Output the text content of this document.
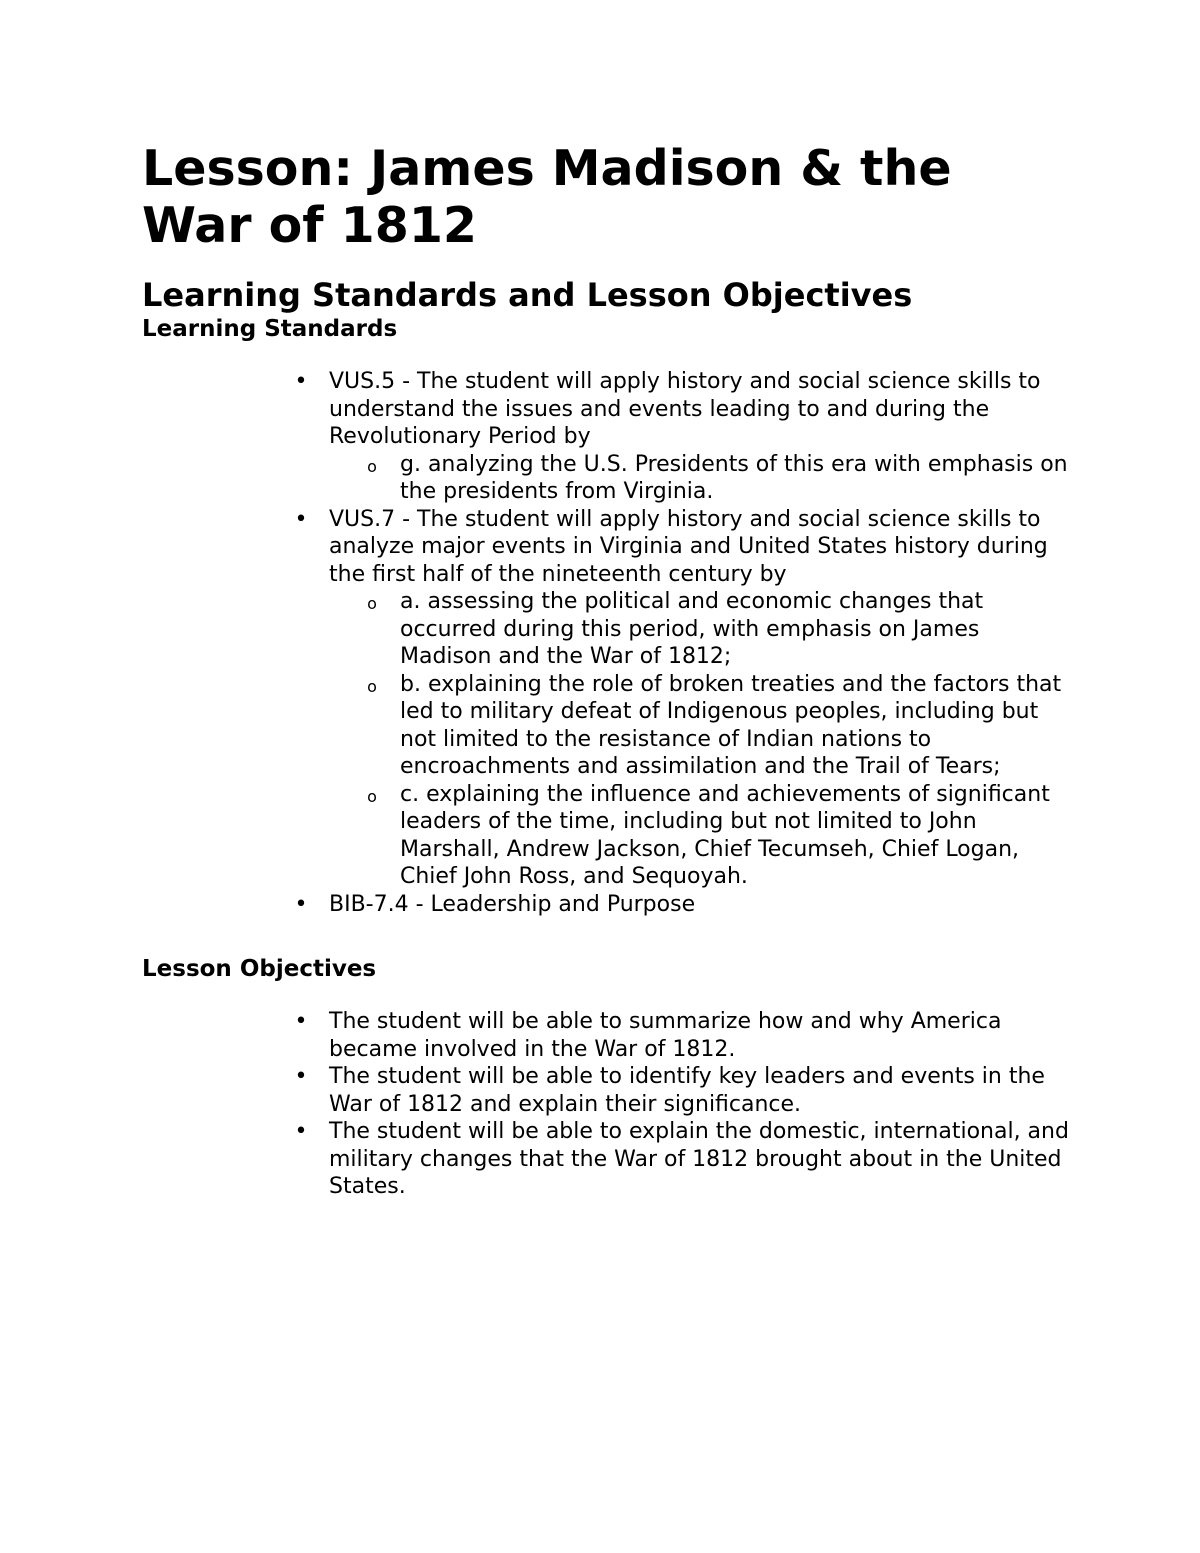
Lesson: James Madison & the War of 1812
Learning Standards and Lesson Objectives
Learning Standards
• VUS.5 - The student will apply history and social science skills to understand the issues and events leading to and during the Revolutionary Period by
o g. analyzing the U.S. Presidents of this era with emphasis on the presidents from Virginia.
• VUS.7 - The student will apply history and social science skills to analyze major events in Virginia and United States history during the first half of the nineteenth century by
o a. assessing the political and economic changes that occurred during this period, with emphasis on James Madison and the War of 1812;
o b. explaining the role of broken treaties and the factors that led to military defeat of Indigenous peoples, including but not limited to the resistance of Indian nations to encroachments and assimilation and the Trail of Tears;
o c. explaining the influence and achievements of significant leaders of the time, including but not limited to John Marshall, Andrew Jackson, Chief Tecumseh, Chief Logan, Chief John Ross, and Sequoyah.
• BIB-7.4 - Leadership and Purpose
Lesson Objectives
• The student will be able to summarize how and why America became involved in the War of 1812.
• The student will be able to identify key leaders and events in the War of 1812 and explain their significance.
• The student will be able to explain the domestic, international, and military changes that the War of 1812 brought about in the United States.
